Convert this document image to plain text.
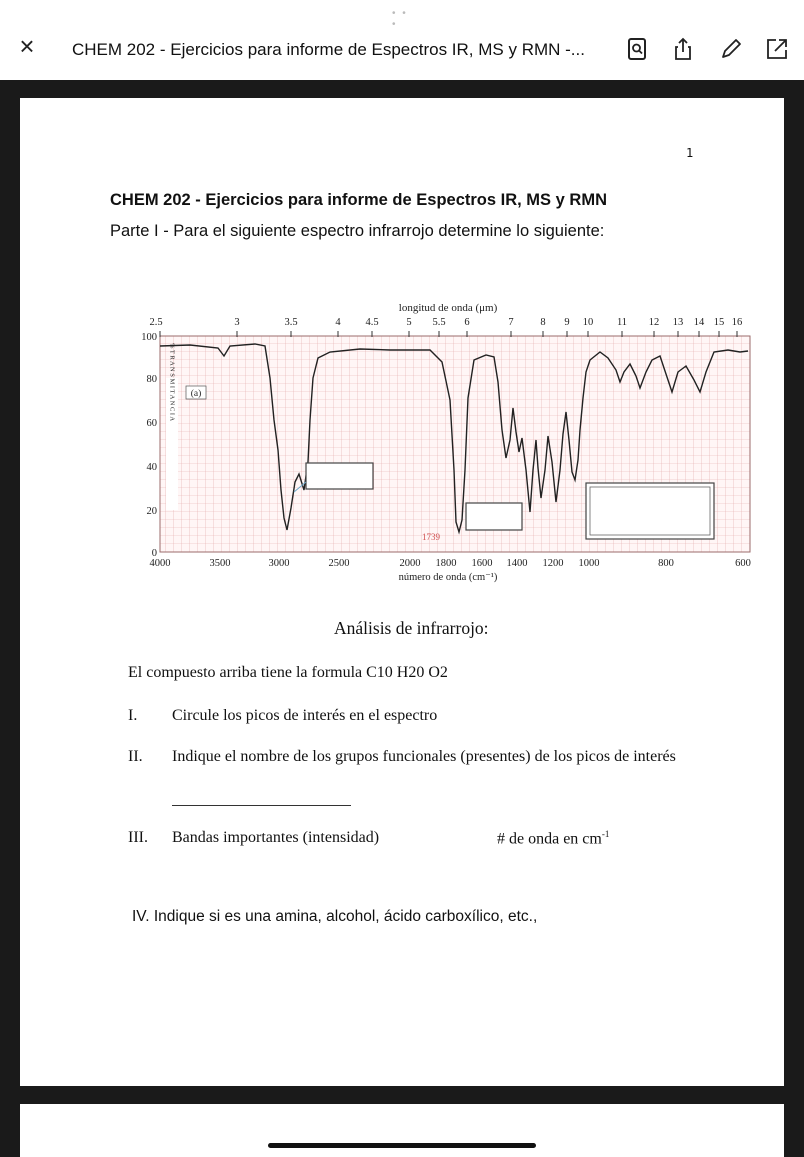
• • •
×	CHEM 202 - Ejercicios para informe de Espectros IR, MS y RMN -...
1
CHEM 202 - Ejercicios para informe de Espectros IR, MS y RMN
Parte I - Para el siguiente espectro infrarrojo determine lo siguiente:
longitud de onda (μm)
2.5	3	3.5	4 4.5	5 5.5 6	7	8 9 10 11 12 13 14 15 16
100
80
60
40
20
0
4000	3500	3000	2500	2000 1800 1600 1400 1200 1000	800	600
número de onda (cm⁻¹)
% T R A N S M I T A N C I A (a)
1739
Análisis de infrarrojo:
El compuesto arriba tiene la formula C10 H20 O2
I. Circule los picos de interés en el espectro
II. Indique el nombre de los grupos funcionales (presentes) de los picos de interés
III. Bandas importantes (intensidad)	# de onda en $cm^{-1}$
IV. Indique si es una amina, alcohol, ácido carboxílico, etc.,
